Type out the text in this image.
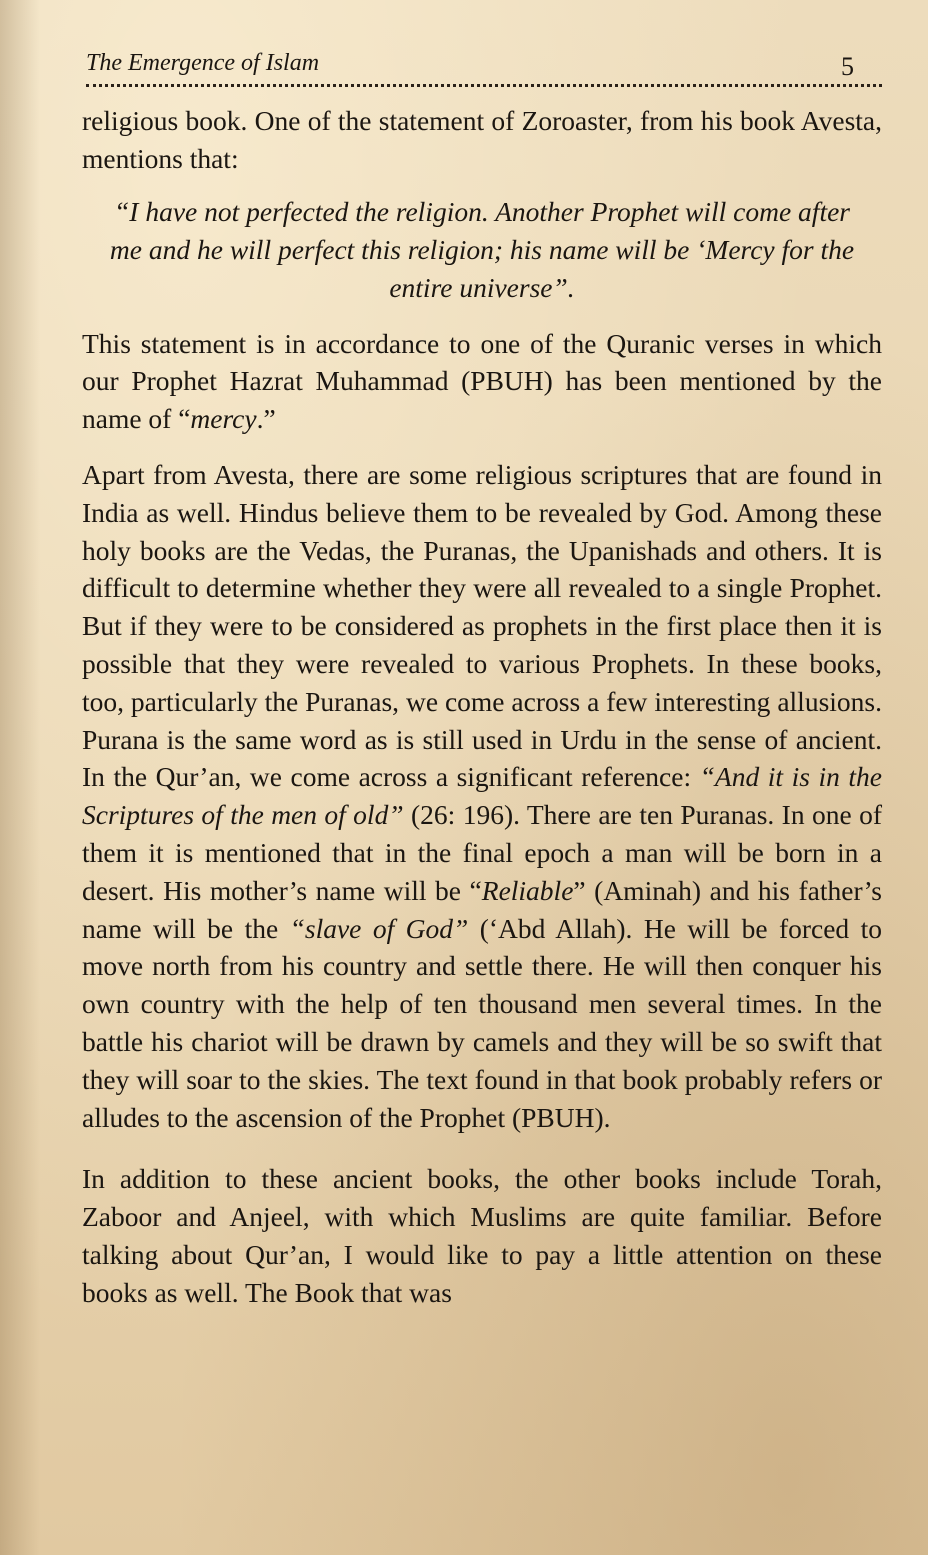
The Emergence of Islam	5

religious book. One of the statement of Zoroaster, from his book Avesta, mentions that:

“I have not perfected the religion. Another Prophet will come after me and he will perfect this religion; his name will be ‘Mercy for the entire universe”.

This statement is in accordance to one of the Quranic verses in which our Prophet Hazrat Muhammad (PBUH) has been mentioned by the name of “mercy.”

Apart from Avesta, there are some religious scriptures that are found in India as well. Hindus believe them to be revealed by God. Among these holy books are the Vedas, the Puranas, the Upanishads and others. It is difficult to determine whether they were all revealed to a single Prophet. But if they were to be considered as prophets in the first place then it is possible that they were revealed to various Prophets. In these books, too, particularly the Puranas, we come across a few interesting allusions. Purana is the same word as is still used in Urdu in the sense of ancient. In the Qur’an, we come across a significant reference: “And it is in the Scriptures of the men of old” (26: 196). There are ten Puranas. In one of them it is mentioned that in the final epoch a man will be born in a desert. His mother’s name will be “Reliable” (Aminah) and his father’s name will be the “slave of God” (‘Abd Allah). He will be forced to move north from his country and settle there. He will then conquer his own country with the help of ten thousand men several times. In the battle his chariot will be drawn by camels and they will be so swift that they will soar to the skies. The text found in that book probably refers or alludes to the ascension of the Prophet (PBUH).

In addition to these ancient books, the other books include Torah, Zaboor and Anjeel, with which Muslims are quite familiar. Before talking about Qur’an, I would like to pay a little attention on these books as well. The Book that was
